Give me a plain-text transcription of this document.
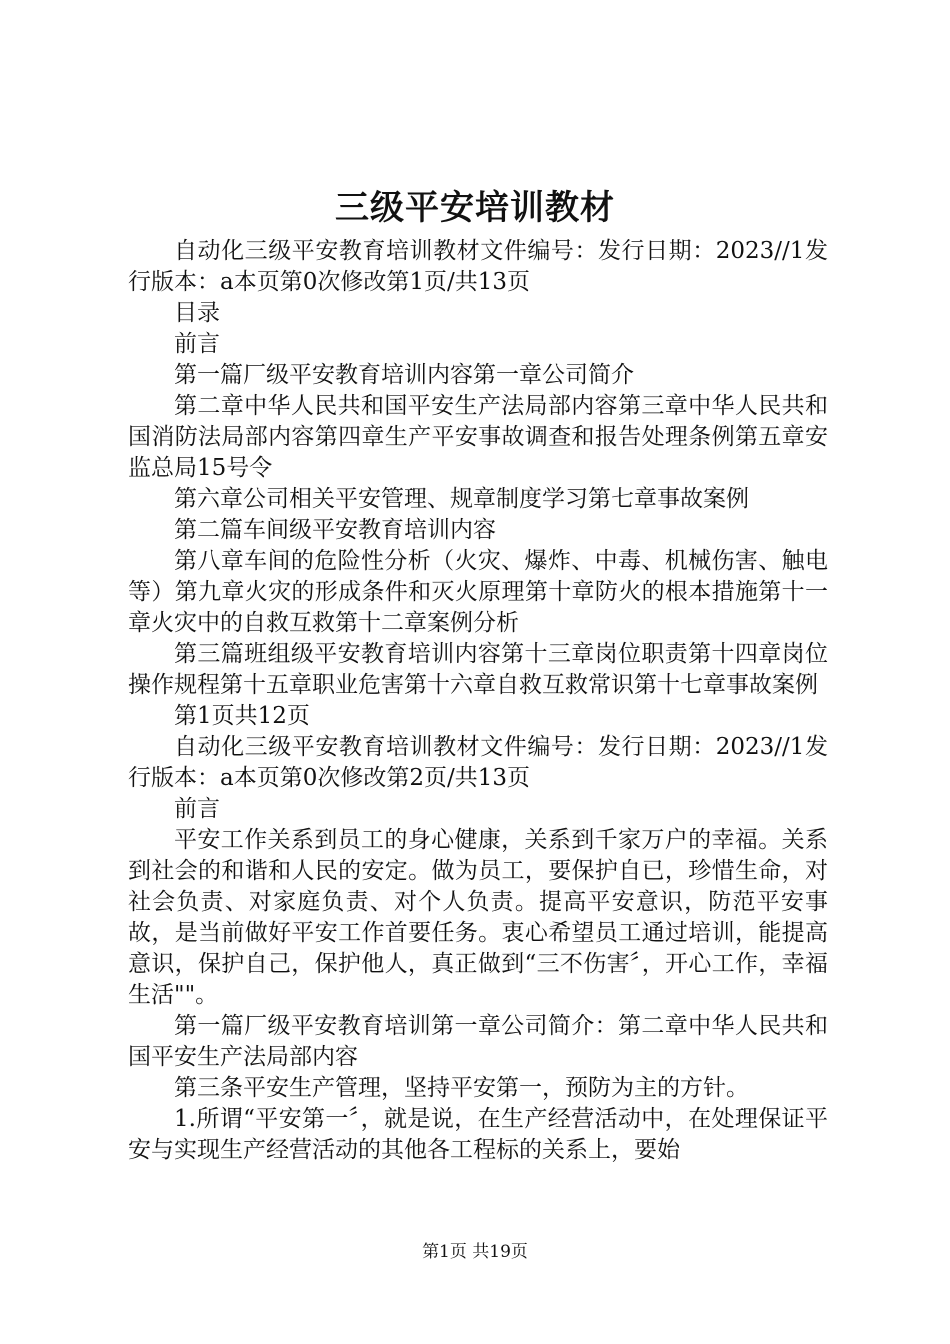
三级平安培训教材

自动化三级平安教育培训教材文件编号：发行日期：2023//1发行版本：a本页第0次修改第1页/共13页

目录

前言

第一篇厂级平安教育培训内容第一章公司简介

第二章中华人民共和国平安生产法局部内容第三章中华人民共和国消防法局部内容第四章生产平安事故调查和报告处理条例第五章安监总局15号令

第六章公司相关平安管理、规章制度学习第七章事故案例

第二篇车间级平安教育培训内容

第八章车间的危险性分析（火灾、爆炸、中毒、机械伤害、触电等）第九章火灾的形成条件和灭火原理第十章防火的根本措施第十一章火灾中的自救互救第十二章案例分析

第三篇班组级平安教育培训内容第十三章岗位职责第十四章岗位操作规程第十五章职业危害第十六章自救互救常识第十七章事故案例

第1页共12页

自动化三级平安教育培训教材文件编号：发行日期：2023//1发行版本：a本页第0次修改第2页/共13页

前言

平安工作关系到员工的身心健康，关系到千家万户的幸福。关系到社会的和谐和人民的安定。做为员工，要保护自已，珍惜生命，对社会负责、对家庭负责、对个人负责。提高平安意识，防范平安事故，是当前做好平安工作首要任务。衷心希望员工通过培训，能提高意识，保护自己，保护他人，真正做到“三不伤害〞，开心工作，幸福生活""。

第一篇厂级平安教育培训第一章公司简介：第二章中华人民共和国平安生产法局部内容

第三条平安生产管理，坚持平安第一，预防为主的方针。

1.所谓“平安第一〞，就是说，在生产经营活动中，在处理保证平安与实现生产经营活动的其他各工程标的关系上，要始

第1页 共19页
